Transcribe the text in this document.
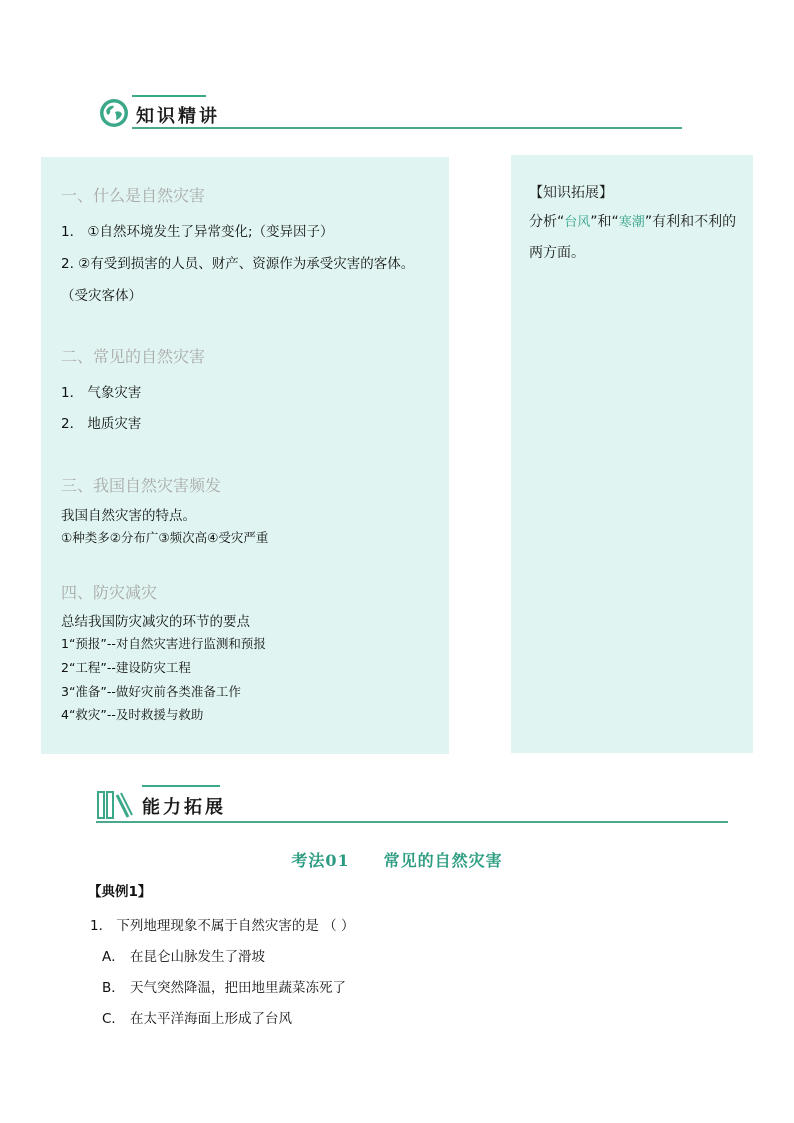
知识精讲
一、什么是自然灾害
1． ①自然环境发生了异常变化;（变异因子）
2. ②有受到损害的人员、财产、资源作为承受灾害的客体。
（受灾客体）
二、常见的自然灾害
1． 气象灾害
2． 地质灾害
三、我国自然灾害频发
我国自然灾害的特点。
①种类多②分布广③频次高④受灾严重
四、防灾减灾
总结我国防灾减灾的环节的要点
1“预报”--对自然灾害进行监测和预报
2“工程”--建设防灾工程
3“准备”--做好灾前各类准备工作
4“救灾”--及时救援与救助
【知识拓展】
分析“台风”和“寒潮”有利和不利的两方面。
能力拓展
考法01 常见的自然灾害
【典例1】
1． 下列地理现象不属于自然灾害的是 （ ）
A． 在昆仑山脉发生了滑坡
B． 天气突然降温，把田地里蔬菜冻死了
C． 在太平洋海面上形成了台风
